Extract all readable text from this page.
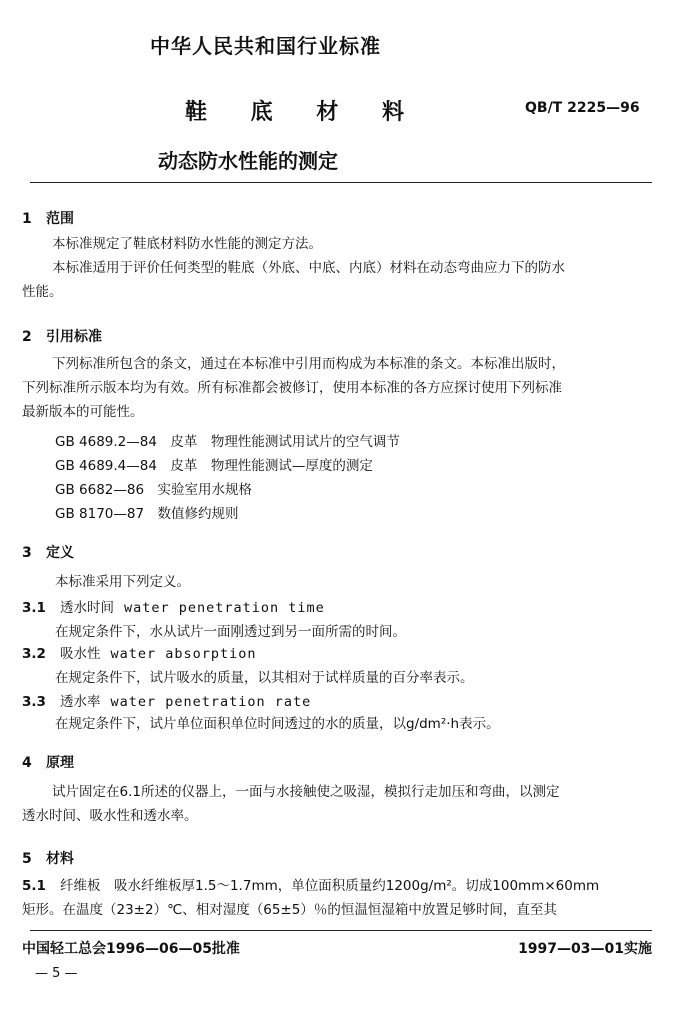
中华人民共和国行业标准
鞋 底 材 料	QB/T 2225—96
动态防水性能的测定
1 范围
本标准规定了鞋底材料防水性能的测定方法。
本标准适用于评价任何类型的鞋底（外底、中底、内底）材料在动态弯曲应力下的防水
性能。
2 引用标准
下列标准所包含的条文，通过在本标准中引用而构成为本标准的条文。本标准出版时，
下列标准所示版本均为有效。所有标准都会被修订，使用本标准的各方应探讨使用下列标准
最新版本的可能性。
GB 4689.2—84　皮革　物理性能测试用试片的空气调节
GB 4689.4—84　皮革　物理性能测试—厚度的测定
GB 6682—86　实验室用水规格
GB 8170—87　数值修约规则
3 定义
本标准采用下列定义。
3.1 透水时间 water penetration time
在规定条件下，水从试片一面刚透过到另一面所需的时间。
3.2 吸水性 water absorption
在规定条件下，试片吸水的质量，以其相对于试样质量的百分率表示。
3.3 透水率 water penetration rate
在规定条件下，试片单位面积单位时间透过的水的质量，以g/dm²·h表示。
4 原理
试片固定在6.1所述的仪器上，一面与水接触使之吸湿，模拟行走加压和弯曲，以测定
透水时间、吸水性和透水率。
5 材料
5.1 纤维板　吸水纤维板厚1.5～1.7mm，单位面积质量约1200g/m²。切成100mm×60mm
矩形。在温度（23±2）℃、相对湿度（65±5）％的恒温恒湿箱中放置足够时间，直至其
中国轻工总会1996—06—05批准	1997—03—01实施
— 5 —
